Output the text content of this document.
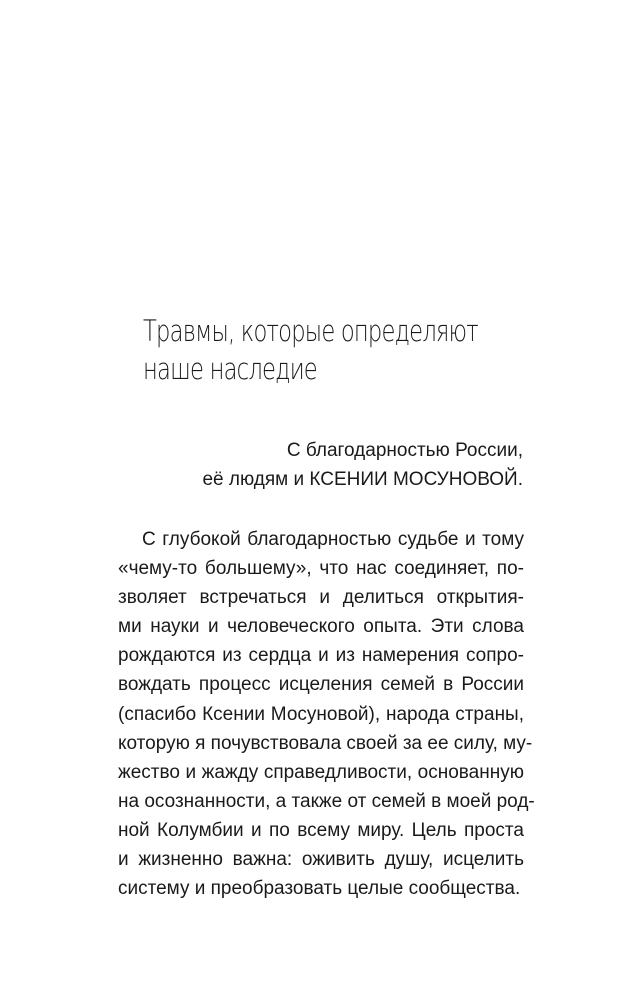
Травмы, которые определяют
наше наследие
С благодарностью России,
её людям и КСЕНИИ МОСУНОВОЙ.
С глубокой благодарностью судьбе и тому
«чему-то большему», что нас соединяет, по-
зволяет встречаться и делиться открытия-
ми науки и человеческого опыта. Эти слова
рождаются из сердца и из намерения сопро-
вождать процесс исцеления семей в России
(спасибо Ксении Мосуновой), народа страны,
которую я почувствовала своей за ее силу, му-
жество и жажду справедливости, основанную
на осознанности, а также от семей в моей род-
ной Колумбии и по всему миру. Цель проста
и жизненно важна: оживить душу, исцелить
систему и преобразовать целые сообщества.
